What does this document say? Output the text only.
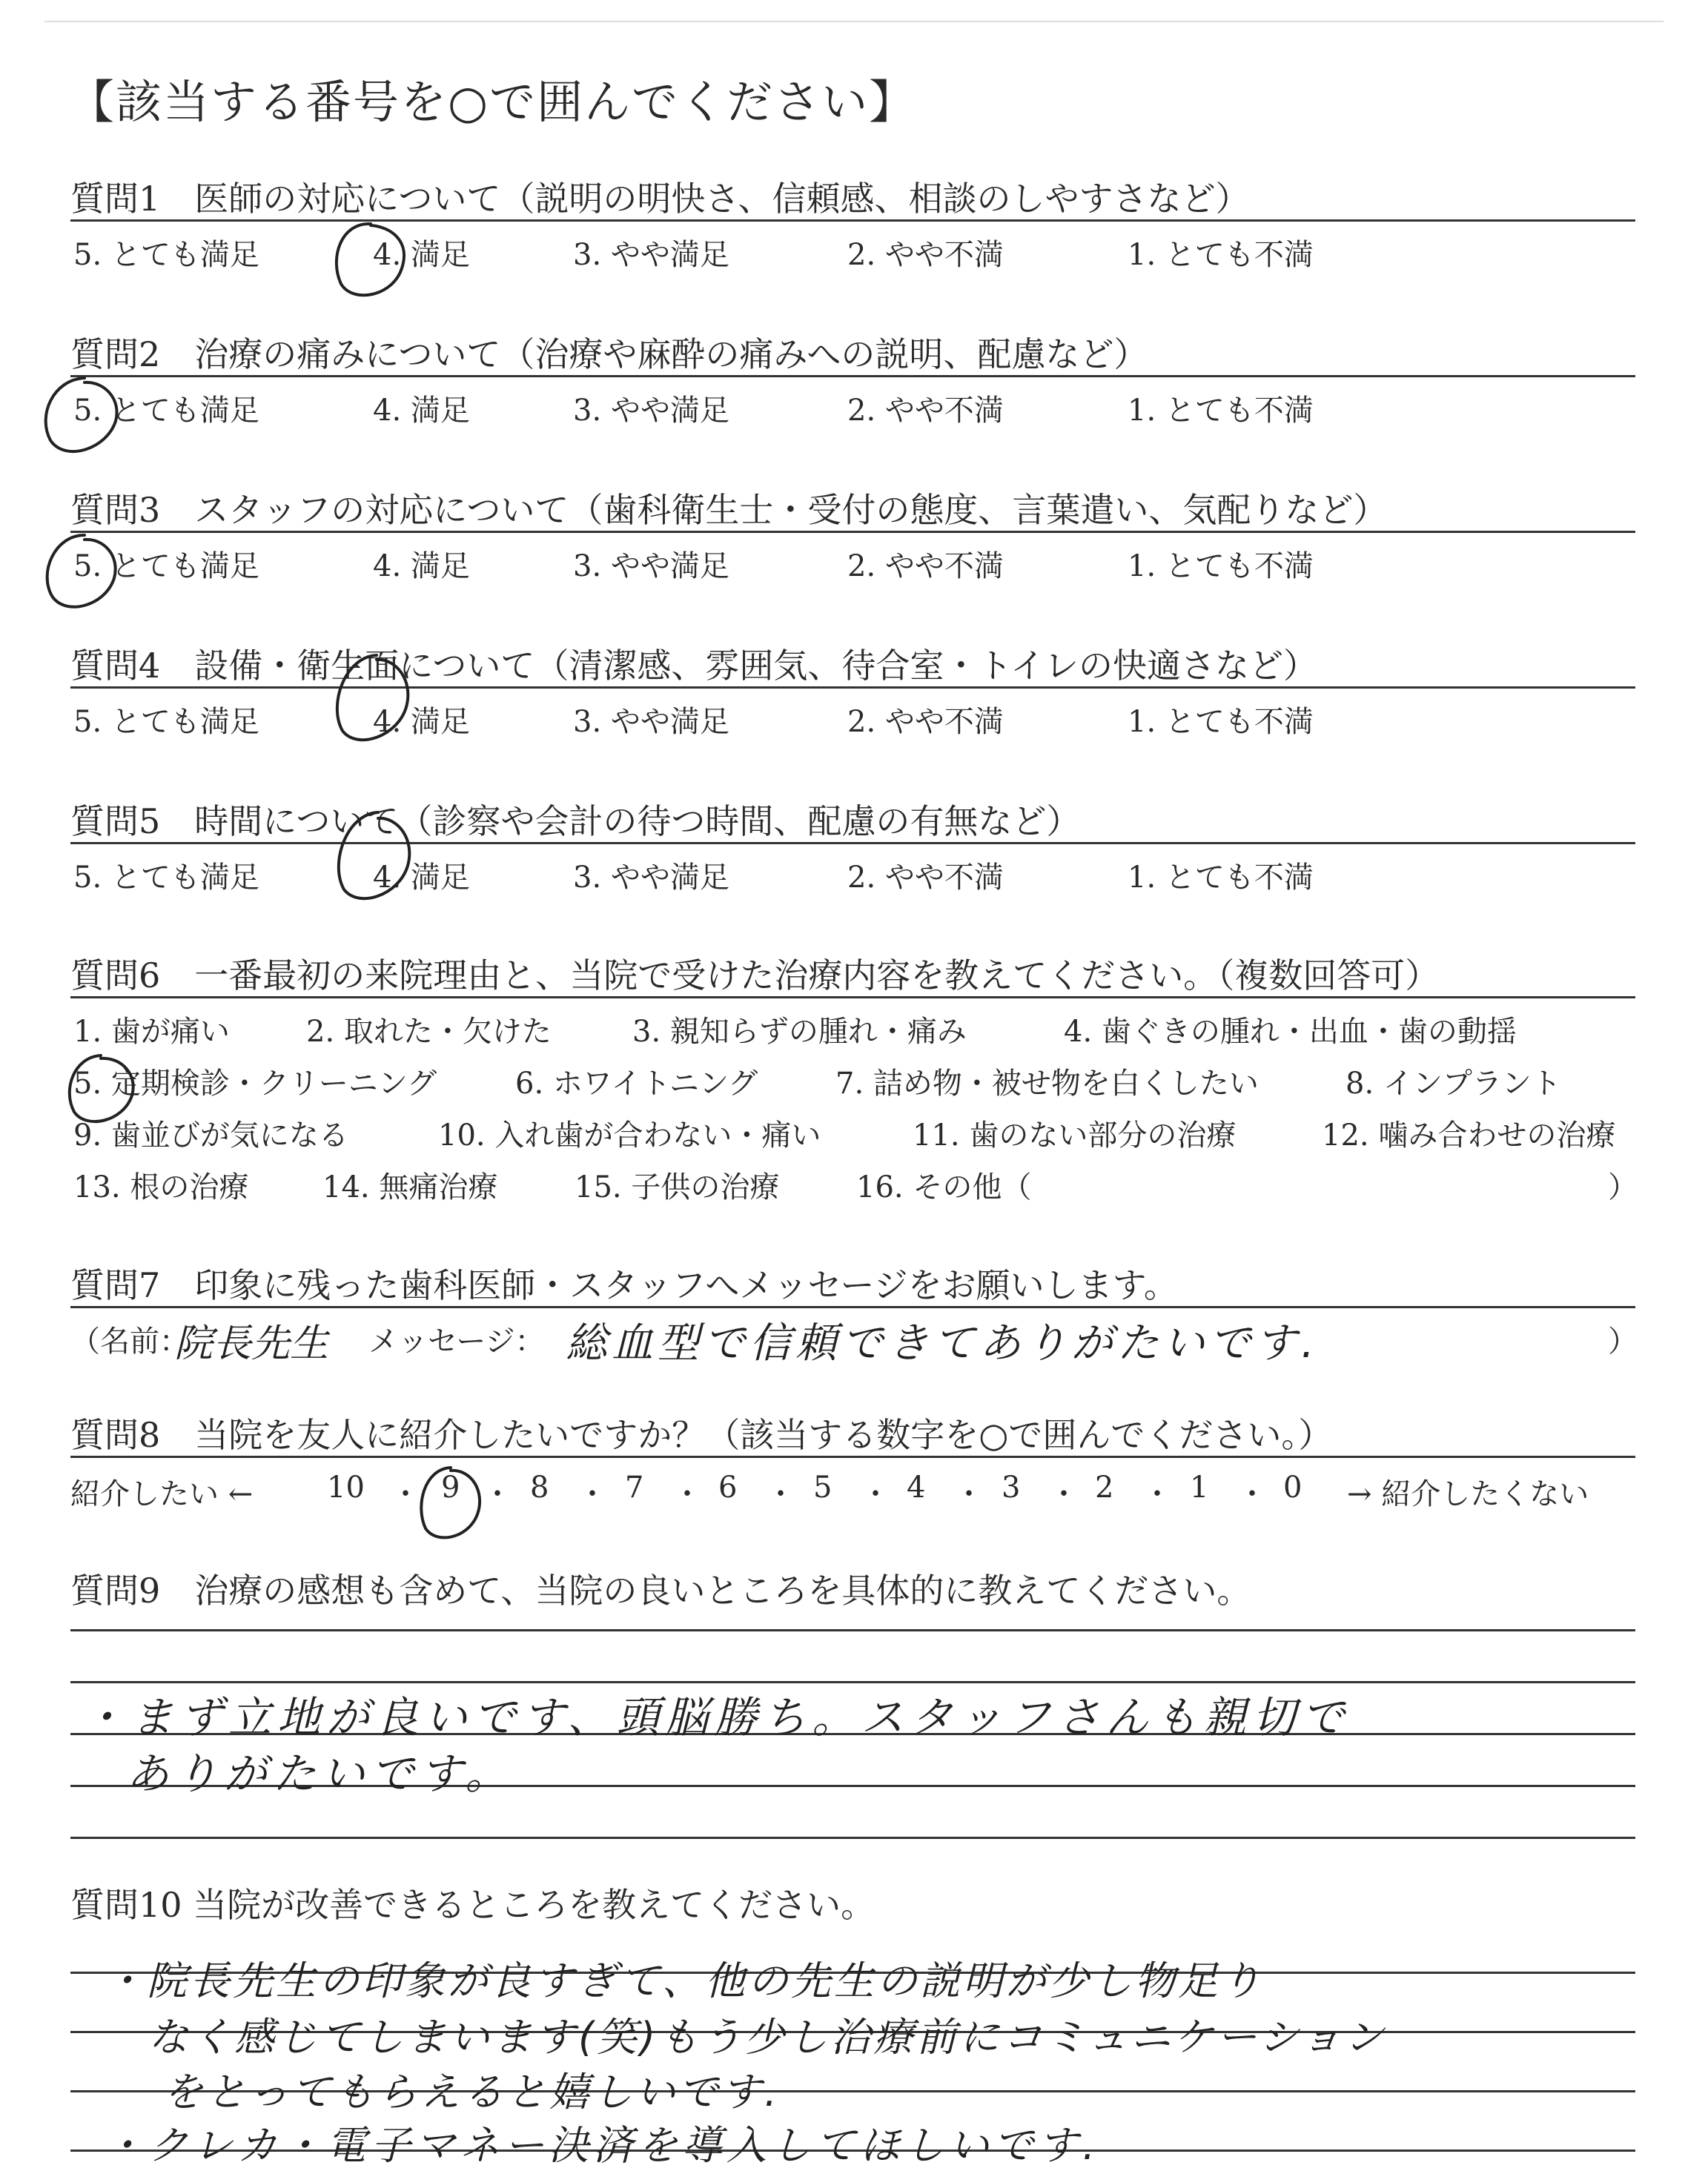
【該当する番号を○で囲んでください】
質問1　医師の対応について（説明の明快さ、信頼感、相談のしやすさなど）
5. とても満足	4. 満足	3. やや満足	2. やや不満	1. とても不満
質問2　治療の痛みについて（治療や麻酔の痛みへの説明、配慮など）
5. とても満足	4. 満足	3. やや満足	2. やや不満	1. とても不満
質問3　スタッフの対応について（歯科衛生士・受付の態度、言葉遣い、気配りなど）
5. とても満足	4. 満足	3. やや満足	2. やや不満	1. とても不満
質問4　設備・衛生面について（清潔感、雰囲気、待合室・トイレの快適さなど）
5. とても満足	4. 満足	3. やや満足	2. やや不満	1. とても不満
質問5　時間について（診察や会計の待つ時間、配慮の有無など）
5. とても満足	4. 満足	3. やや満足	2. やや不満	1. とても不満
質問6　一番最初の来院理由と、当院で受けた治療内容を教えてください。（複数回答可）
1. 歯が痛い	2. 取れた・欠けた	3. 親知らずの腫れ・痛み	4. 歯ぐきの腫れ・出血・歯の動揺
5. 定期検診・クリーニング	6. ホワイトニング	7. 詰め物・被せ物を白くしたい	8. インプラント
9. 歯並びが気になる	10. 入れ歯が合わない・痛い	11. 歯のない部分の治療	12. 噛み合わせの治療
13. 根の治療 14. 無痛治療	15. 子供の治療	16. その他（	）
質問7　印象に残った歯科医師・スタッフへメッセージをお願いします。
（名前：
院長先生 メッセージ： 総血型で信頼できてありがたいです.	）
質問8　当院を友人に紹介したいですか？（該当する数字を○で囲んでください。）
紹介したい ← 10 ・ 9 ・ 8 ・ 7 ・ 6 ・ 5 ・ 4 ・ 3 ・ 2 ・ 1 ・ 0 → 紹介したくない
質問9　治療の感想も含めて、当院の良いところを具体的に教えてください。
・まず立地が良いです、頭脳勝ち。スタッフさんも親切で
ありがたいです。
質問10 当院が改善できるところを教えてください。
・院長先生の印象が良すぎて、他の先生の説明が少し物足り
なく感じてしまいます(笑)もう少し治療前にコミュニケーション
をとってもらえると嬉しいです.
・クレカ・電子マネー決済を導入してほしいです.
